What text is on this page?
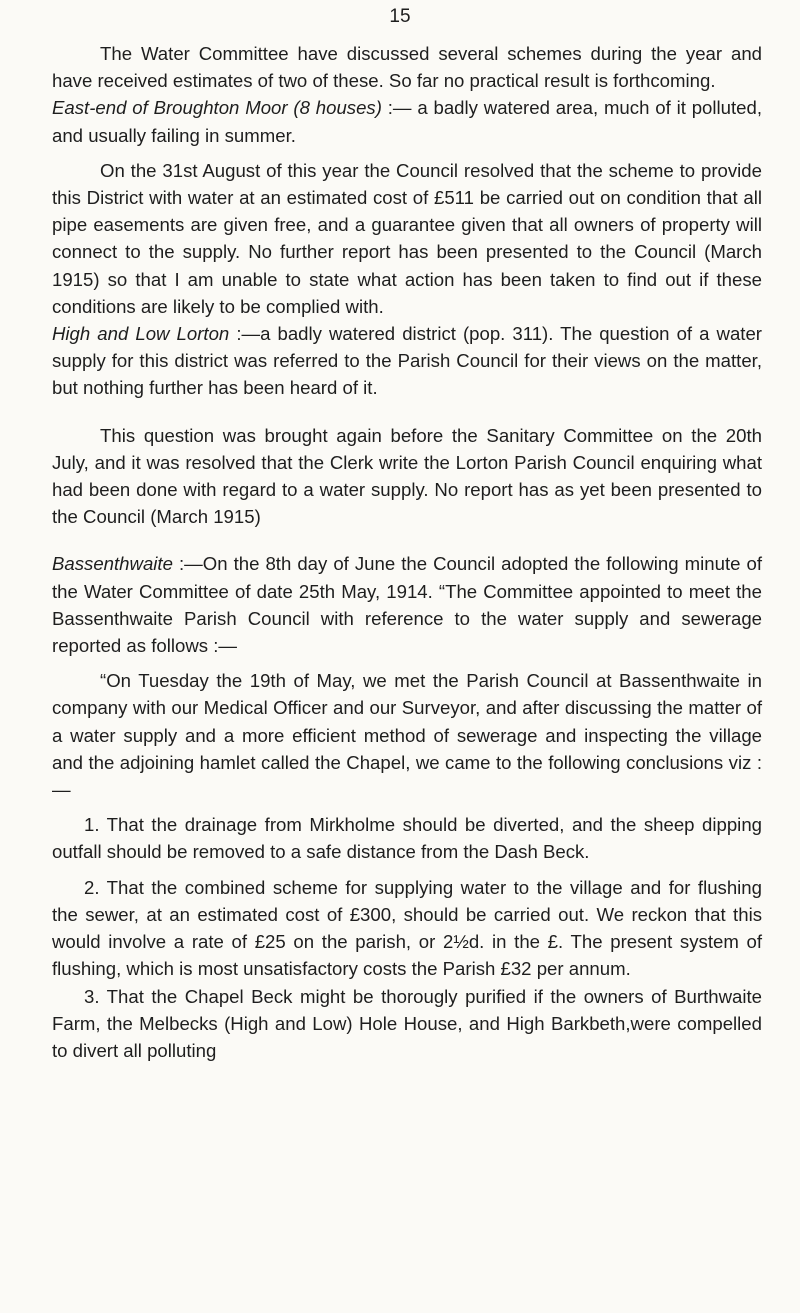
15

The Water Committee have discussed several schemes during the year and have received estimates of two of these. So far no practical result is forthcoming.

East-end of Broughton Moor (8 houses) :— a badly watered area, much of it polluted, and usually failing in summer.

On the 31st August of this year the Council resolved that the scheme to provide this District with water at an estimated cost of £511 be carried out on condition that all pipe easements are given free, and a guarantee given that all owners of property will connect to the supply. No further report has been presented to the Council (March 1915) so that I am unable to state what action has been taken to find out if these conditions are likely to be complied with.

High and Low Lorton :—a badly watered district (pop. 311). The question of a water supply for this district was referred to the Parish Council for their views on the matter, but nothing further has been heard of it.

This question was brought again before the Sanitary Committee on the 20th July, and it was resolved that the Clerk write the Lorton Parish Council enquiring what had been done with regard to a water supply. No report has as yet been presented to the Council (March 1915)

Bassenthwaite :—On the 8th day of June the Council adopted the following minute of the Water Committee of date 25th May, 1914. “The Committee appointed to meet the Bassenthwaite Parish Council with reference to the water supply and sewerage reported as follows :—

“On Tuesday the 19th of May, we met the Parish Council at Bassenthwaite in company with our Medical Officer and our Surveyor, and after discussing the matter of a water supply and a more efficient method of sewerage and inspecting the village and the adjoining hamlet called the Chapel, we came to the following conclusions viz :—

1. That the drainage from Mirkholme should be diverted, and the sheep dipping outfall should be removed to a safe distance from the Dash Beck.

2. That the combined scheme for supplying water to the village and for flushing the sewer, at an estimated cost of £300, should be carried out. We reckon that this would involve a rate of £25 on the parish, or 2½d. in the £. The present system of flushing, which is most unsatisfactory costs the Parish £32 per annum.

3. That the Chapel Beck might be thorougly purified if the owners of Burthwaite Farm, the Melbecks (High and Low) Hole House, and High Barkbeth,were compelled to divert all polluting
